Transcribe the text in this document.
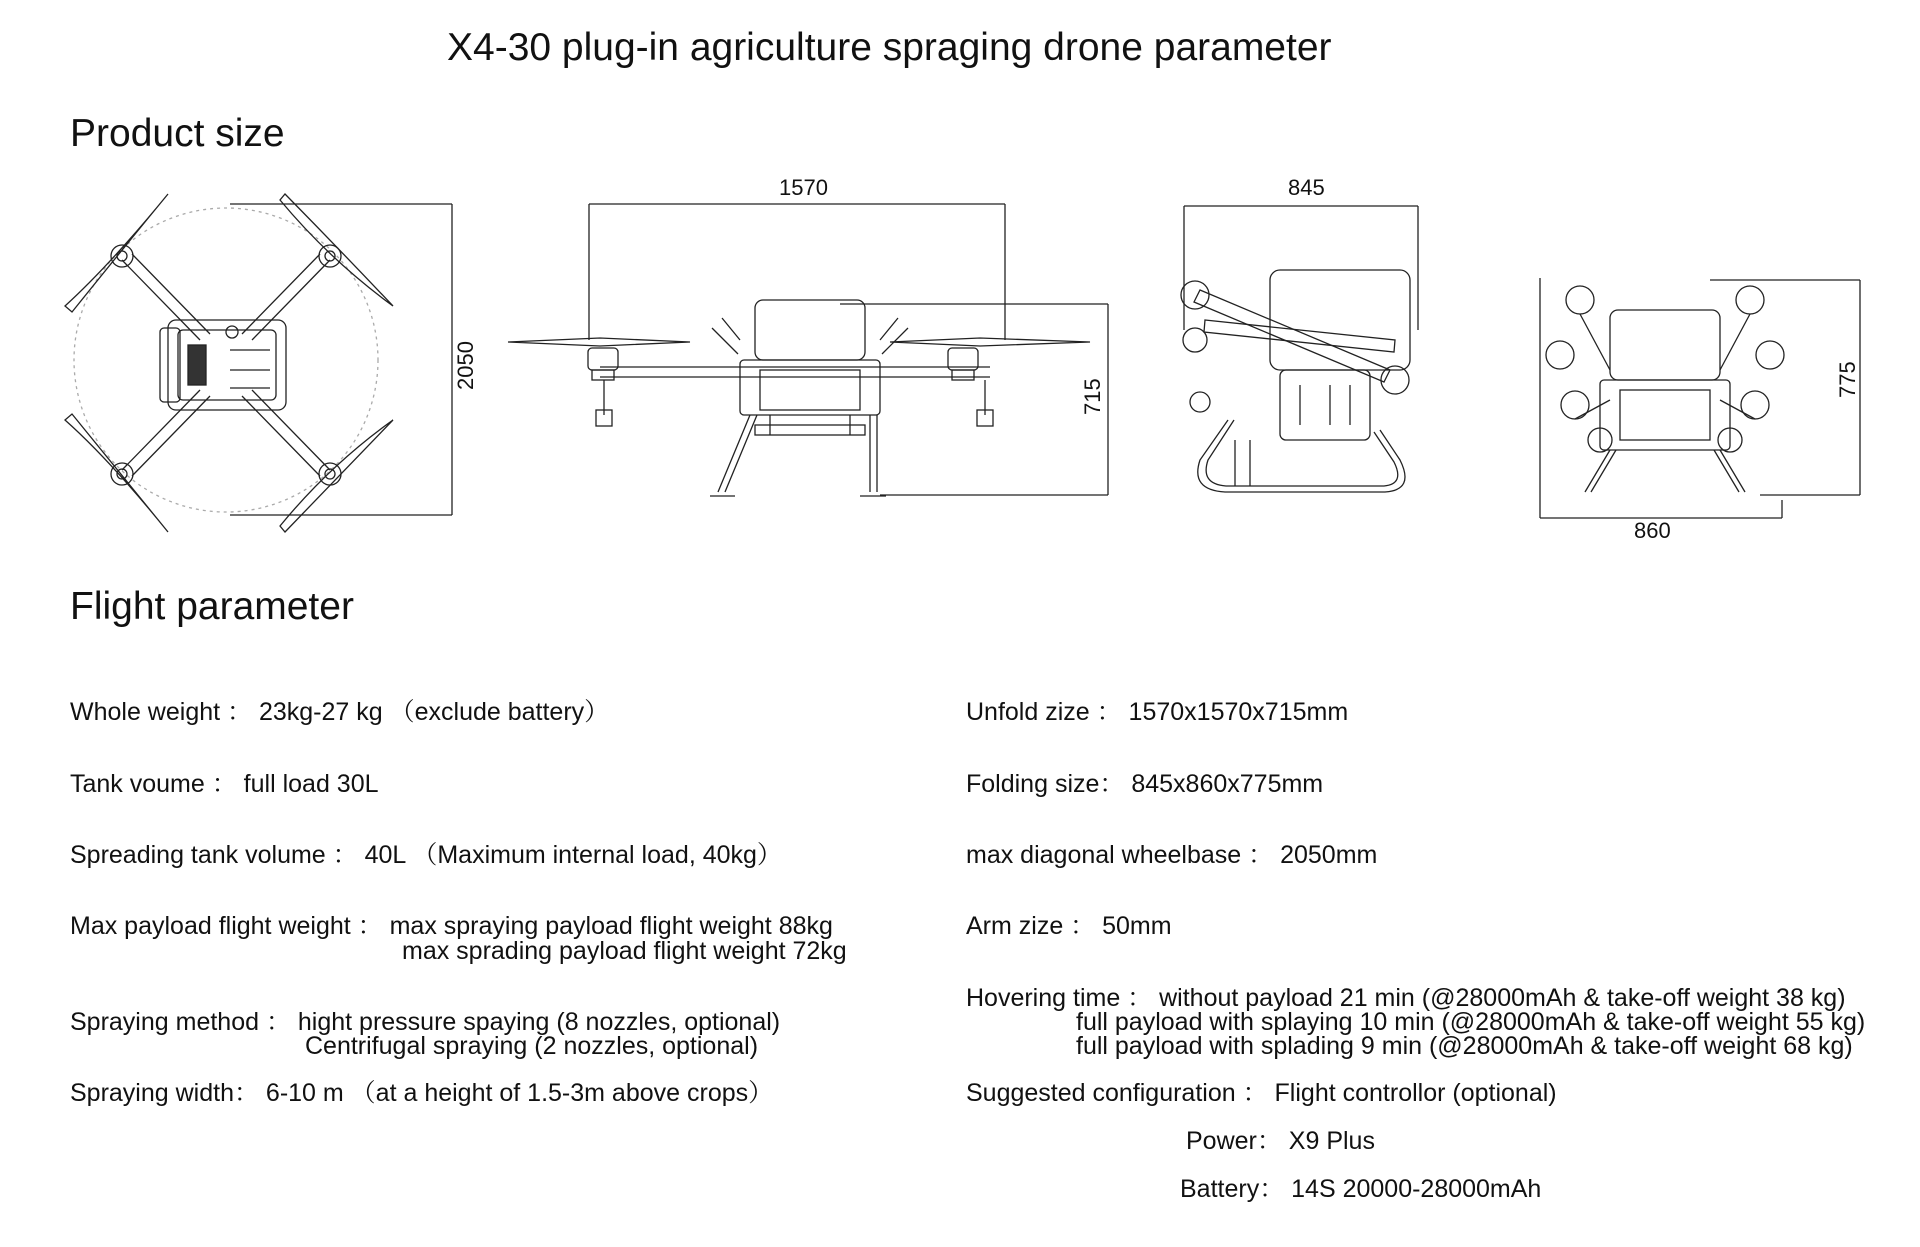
X4-30 plug-in agriculture spraging drone parameter
Product size
2050
1570
715
845
860
775
Flight parameter
Whole weight ： 23kg-27 kg （exclude battery）
Tank voume ： full load 30L
Spreading tank volume ： 40L （Maximum internal load, 40kg）
Max payload flight weight ： max spraying payload flight weight 88kg
max sprading payload flight weight 72kg
Spraying method ： hight pressure spaying (8 nozzles, optional)
Centrifugal spraying (2 nozzles, optional)
Spraying width： 6-10 m （at a height of 1.5-3m above crops）
Unfold zize ： 1570x1570x715mm
Folding size： 845x860x775mm
max diagonal wheelbase ： 2050mm
Arm zize ： 50mm
Hovering time ： without payload 21 min (@28000mAh & take-off weight 38 kg)
full payload with splaying 10 min (@28000mAh & take-off weight 55 kg)
full payload with splading 9 min (@28000mAh & take-off weight 68 kg)
Suggested configuration ： Flight controllor (optional)
Power： X9 Plus
Battery： 14S 20000-28000mAh
